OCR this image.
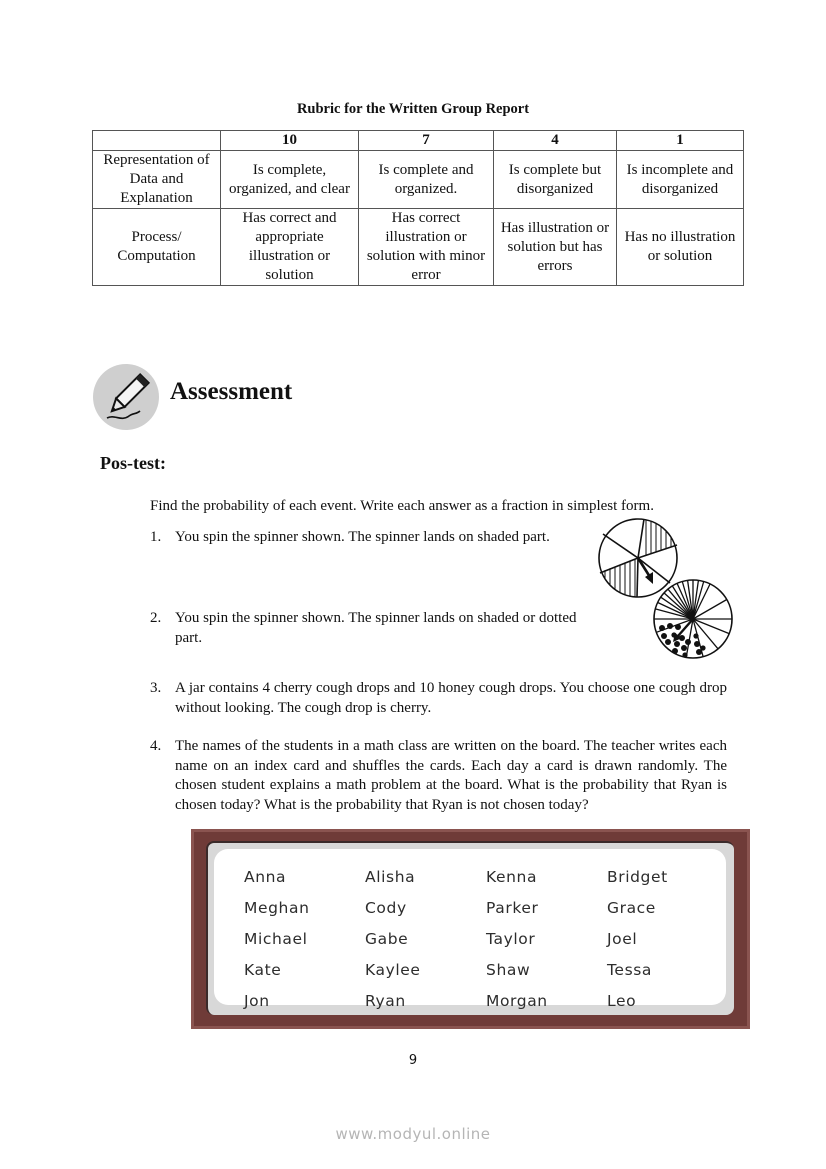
Rubric for the Written Group Report
	10	7	4	1
Representation of Data and Explanation	Is complete, organized, and clear	Is complete and organized.	Is complete but disorganized	Is incomplete and disorganized
Process/ Computation	Has correct and appropriate illustration or solution	Has correct illustration or solution with minor error	Has illustration or solution but has errors	Has no illustration or solution
Assessment
Pos-test:
Find the probability of each event. Write each answer as a fraction in simplest form.
1. You spin the spinner shown. The spinner lands on shaded part.
2. You spin the spinner shown. The spinner lands on shaded or dotted part.
3. A jar contains 4 cherry cough drops and 10 honey cough drops. You choose one cough drop without looking. The cough drop is cherry.
4. The names of the students in a math class are written on the board. The teacher writes each name on an index card and shuffles the cards. Each day a card is drawn randomly. The chosen student explains a math problem at the board. What is the probability that Ryan is chosen today? What is the probability that Ryan is not chosen today?
Anna	Alisha	Kenna	Bridget
Meghan	Cody	Parker	Grace
Michael	Gabe	Taylor	Joel
Kate	Kaylee	Shaw	Tessa
Jon	Ryan	Morgan	Leo
9
www.modyul.online
